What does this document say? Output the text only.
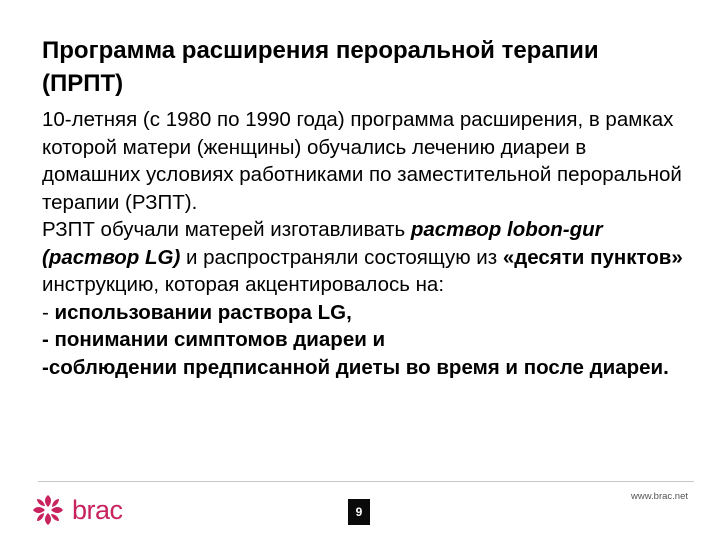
Программа расширения пероральной терапии (ПРПТ)
10-летняя (с 1980 по 1990 года) программа расширения, в рамках которой матери (женщины) обучались лечению диареи в домашних условиях работниками по заместительной пероральной терапии (РЗПТ).
РЗПТ обучали матерей изготавливать раствор lobon-gur (раствор LG) и распространяли состоящую из «десяти пунктов» инструкцию, которая акцентировалось на:
- использовании раствора LG,
- понимании симптомов диареи и
-соблюдении предписанной диеты во время и после диареи.
brac	9
www.brac.net
